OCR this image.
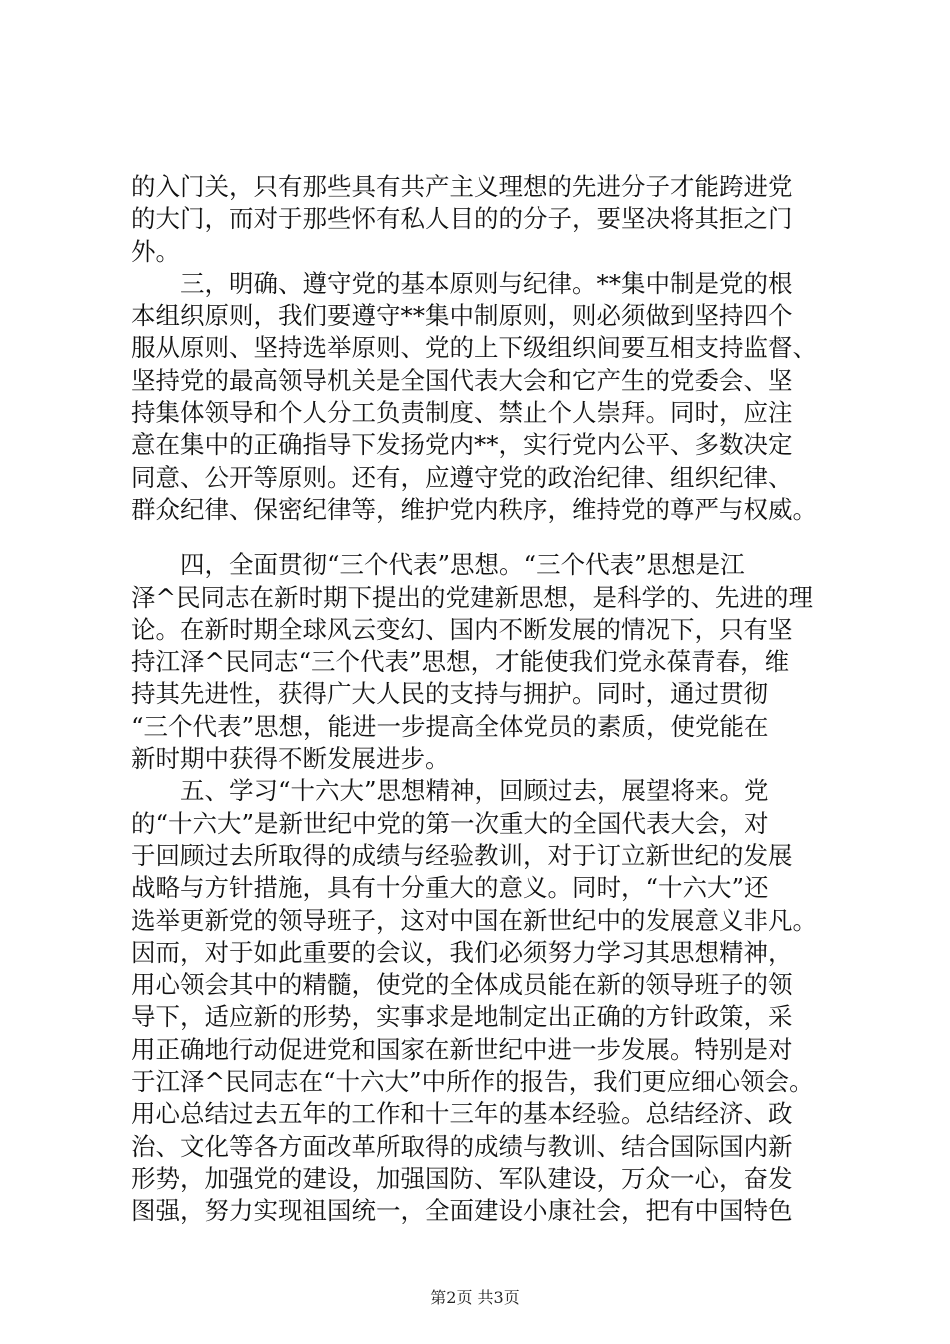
的入门关，只有那些具有共产主义理想的先进分子才能跨进党
的大门，而对于那些怀有私人目的的分子，要坚决将其拒之门
外。
三，明确、遵守党的基本原则与纪律。**集中制是党的根
本组织原则，我们要遵守**集中制原则，则必须做到坚持四个
服从原则、坚持选举原则、党的上下级组织间要互相支持监督、
坚持党的最高领导机关是全国代表大会和它产生的党委会、坚
持集体领导和个人分工负责制度、禁止个人崇拜。同时，应注
意在集中的正确指导下发扬党内**，实行党内公平、多数决定
同意、公开等原则。还有，应遵守党的政治纪律、组织纪律、
群众纪律、保密纪律等，维护党内秩序，维持党的尊严与权威。
四，全面贯彻“三个代表”思想。“三个代表”思想是江
泽^民同志在新时期下提出的党建新思想，是科学的、先进的理
论。在新时期全球风云变幻、国内不断发展的情况下，只有坚
持江泽^民同志“三个代表”思想，才能使我们党永葆青春，维
持其先进性，获得广大人民的支持与拥护。同时，通过贯彻
“三个代表”思想，能进一步提高全体党员的素质，使党能在
新时期中获得不断发展进步。
五、学习“十六大”思想精神，回顾过去，展望将来。党
的“十六大”是新世纪中党的第一次重大的全国代表大会，对
于回顾过去所取得的成绩与经验教训，对于订立新世纪的发展
战略与方针措施，具有十分重大的意义。同时，“十六大”还
选举更新党的领导班子，这对中国在新世纪中的发展意义非凡。
因而，对于如此重要的会议，我们必须努力学习其思想精神，
用心领会其中的精髓，使党的全体成员能在新的领导班子的领
导下，适应新的形势，实事求是地制定出正确的方针政策，采
用正确地行动促进党和国家在新世纪中进一步发展。特别是对
于江泽^民同志在“十六大”中所作的报告，我们更应细心领会。
用心总结过去五年的工作和十三年的基本经验。总结经济、政
治、文化等各方面改革所取得的成绩与教训、结合国际国内新
形势，加强党的建设，加强国防、军队建设，万众一心，奋发
图强，努力实现祖国统一，全面建设小康社会，把有中国特色
第2页 共3页
